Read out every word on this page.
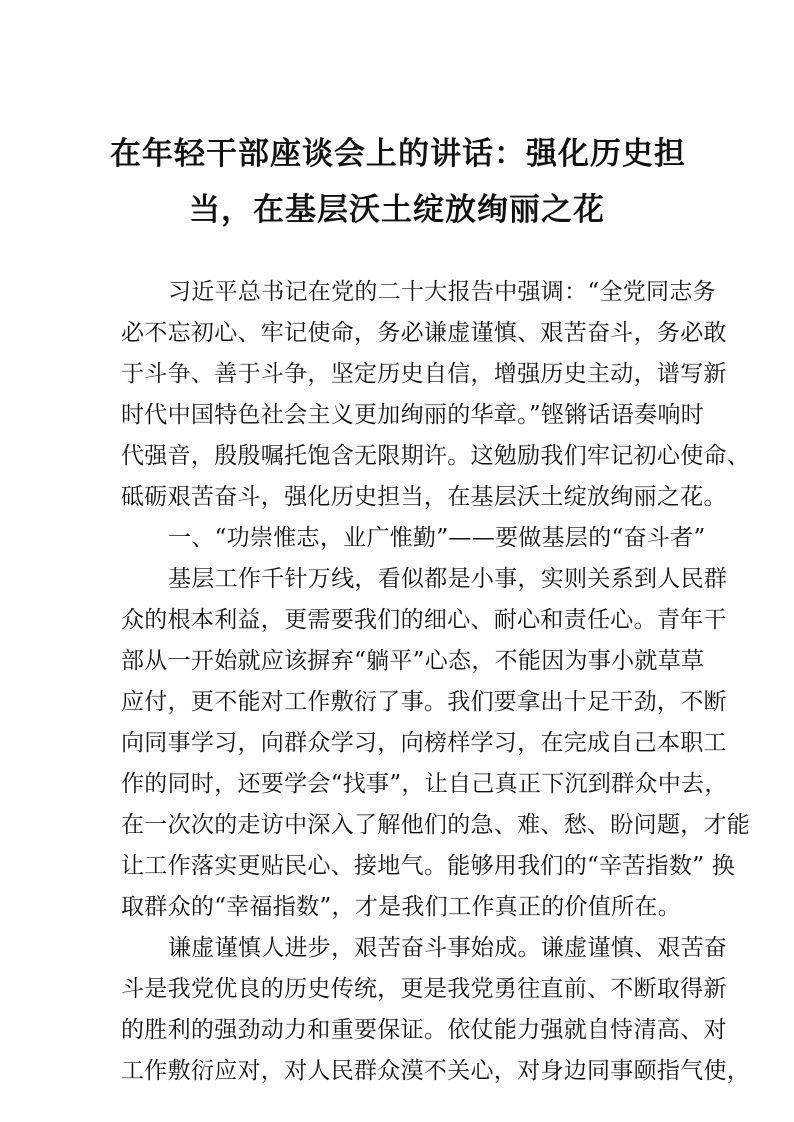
在年轻干部座谈会上的讲话：强化历史担
当，在基层沃土绽放绚丽之花
习近平总书记在党的二十大报告中强调：“全党同志务
必不忘初心、牢记使命，务必谦虚谨慎、艰苦奋斗，务必敢
于斗争、善于斗争，坚定历史自信，增强历史主动，谱写新
时代中国特色社会主义更加绚丽的华章。”铿锵话语奏响时
代强音，殷殷嘱托饱含无限期许。这勉励我们牢记初心使命、
砥砺艰苦奋斗，强化历史担当，在基层沃土绽放绚丽之花。
一、“功崇惟志，业广惟勤”——要做基层的“奋斗者”
基层工作千针万线，看似都是小事，实则关系到人民群
众的根本利益，更需要我们的细心、耐心和责任心。青年干
部从一开始就应该摒弃“躺平”心态，不能因为事小就草草
应付，更不能对工作敷衍了事。我们要拿出十足干劲，不断
向同事学习，向群众学习，向榜样学习，在完成自己本职工
作的同时，还要学会“找事”，让自己真正下沉到群众中去，
在一次次的走访中深入了解他们的急、难、愁、盼问题，才能
让工作落实更贴民心、接地气。能够用我们的“辛苦指数” 换
取群众的“幸福指数”，才是我们工作真正的价值所在。
谦虚谨慎人进步，艰苦奋斗事始成。谦虚谨慎、艰苦奋
斗是我党优良的历史传统，更是我党勇往直前、不断取得新
的胜利的强劲动力和重要保证。依仗能力强就自恃清高、对
工作敷衍应对，对人民群众漠不关心，对身边同事颐指气使，
